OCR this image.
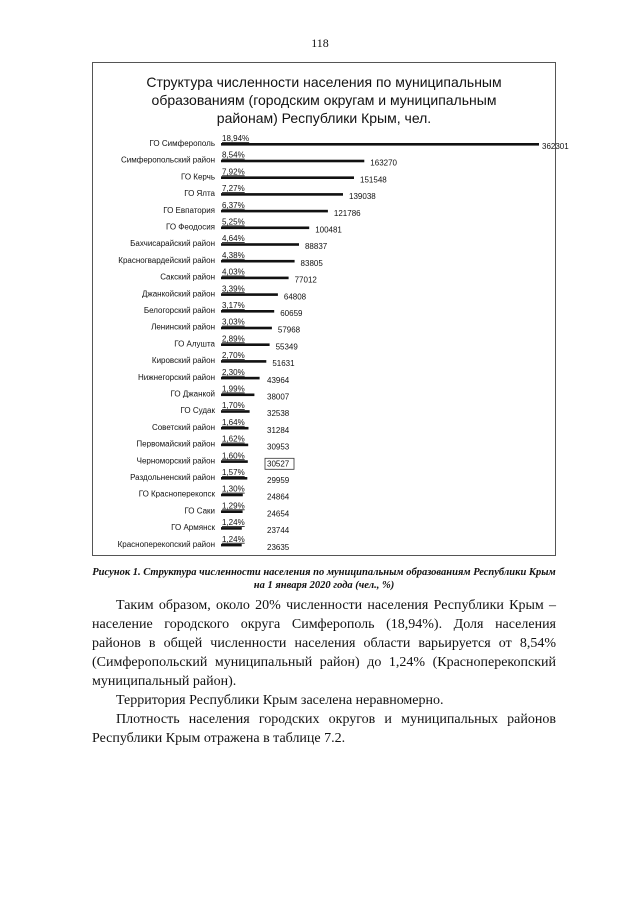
118
Структура численности населения по муниципальным
образованиям (городским округам и муниципальным
районам) Республики Крым, чел.
ГО Симферополь
18,94%
362301
Симферопольский район
8,54%
163270
ГО Керчь
7,92%
151548
ГО Ялта
7,27%
139038
ГО Евпатория
6,37%
121786
ГО Феодосия
5,25%
100481
Бахчисарайский район
4,64%
88837
Красногвардейский район
4,38%
83805
Сакский район
4,03%
77012
Джанкойский район
3,39%
64808
Белогорский район
3,17%
60659
Ленинский район
3,03%
57968
ГО Алушта
2,89%
55349
Кировский район
2,70%
51631
Нижнегорский район
2,30%
43964
ГО Джанкой
1,99%
38007
ГО Судак
1,70%
32538
Советский район
1,64%
31284
Первомайский район
1,62%
30953
Черноморский район
1,60%
30527
Раздольненский район
1,57%
29959
ГО Красноперекопск
1,30%
24864
ГО Саки
1,29%
24654
ГО Армянск
1,24%
23744
Красноперекопский район
1,24%
23635
Рисунок 1. Структура численности населения по муниципальным образованиям Республики Крым на 1 января 2020 года (чел., %)

Таким образом, около 20% численности населения Республики Крым – население городского округа Симферополь (18,94%). Доля населения районов в общей численности населения области варьируется от 8,54% (Симферопольский муниципальный район) до 1,24% (Красноперекопский муниципальный район).

Территория Республики Крым заселена неравномерно.

Плотность населения городских округов и муниципальных районов Республики Крым отражена в таблице 7.2.
